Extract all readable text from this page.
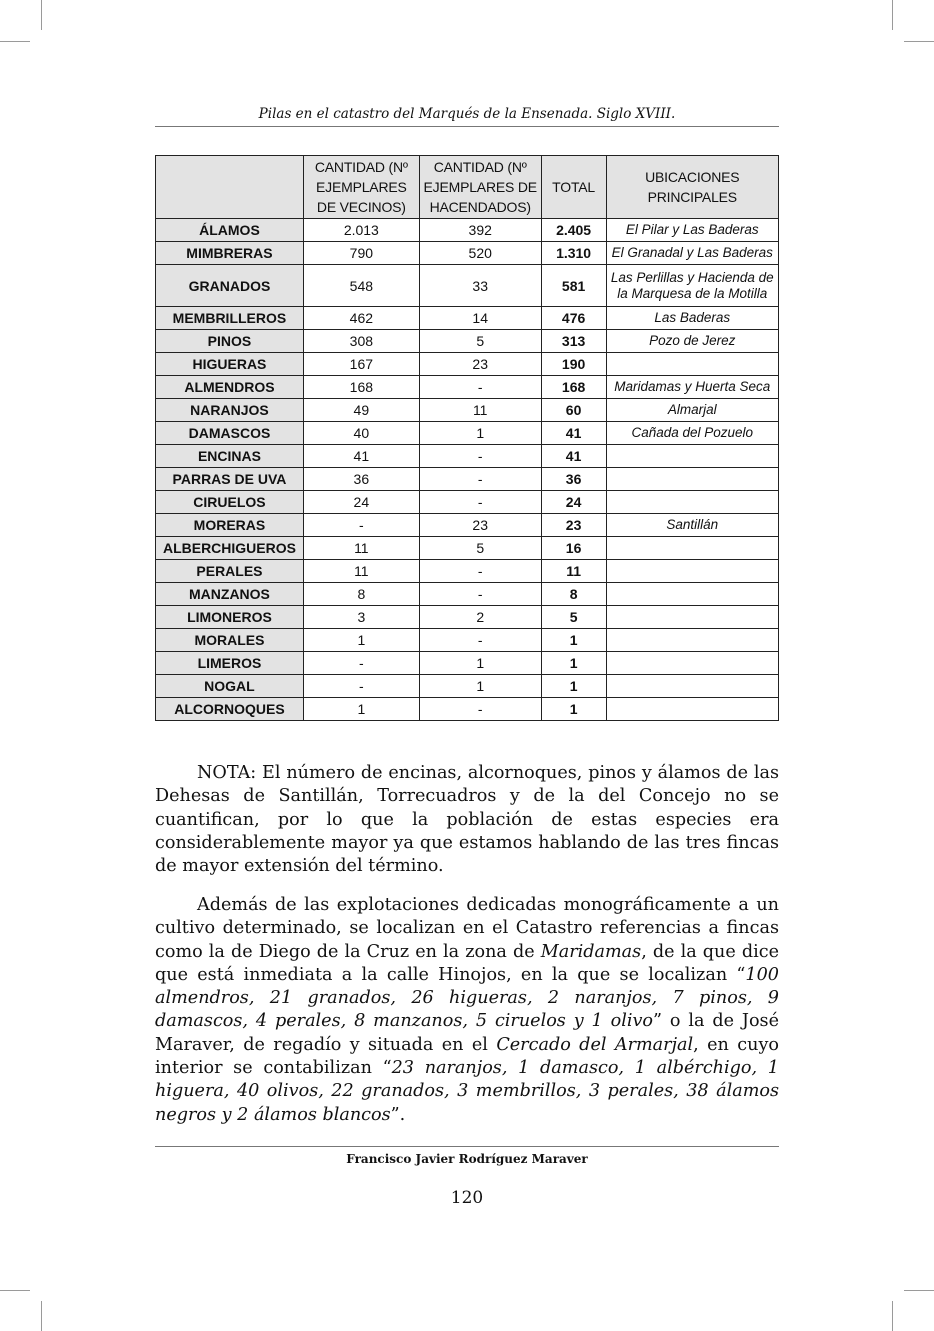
Pilas en el catastro del Marqués de la Ensenada. Siglo XVIII.
	CANTIDAD (Nº EJEMPLARES DE VECINOS)	CANTIDAD (Nº EJEMPLARES DE HACENDADOS)	TOTAL	UBICACIONES PRINCIPALES
ÁLAMOS	2.013	392	2.405	El Pilar y Las Baderas
MIMBRERAS	790	520	1.310	El Granadal y Las Baderas
GRANADOS	548	33	581	Las Perlillas y Hacienda de la Marquesa de la Motilla
MEMBRILLEROS	462	14	476	Las Baderas
PINOS	308	5	313	Pozo de Jerez
HIGUERAS	167	23	190	
ALMENDROS	168	-	168	Maridamas y Huerta Seca
NARANJOS	49	11	60	Almarjal
DAMASCOS	40	1	41	Cañada del Pozuelo
ENCINAS	41	-	41	
PARRAS DE UVA	36	-	36	
CIRUELOS	24	-	24	
MORERAS	-	23	23	Santillán
ALBERCHIGUEROS	11	5	16	
PERALES	11	-	11	
MANZANOS	8	-	8	
LIMONEROS	3	2	5	
MORALES	1	-	1	
LIMEROS	-	1	1	
NOGAL	-	1	1	
ALCORNOQUES	1	-	1	

NOTA: El número de encinas, alcornoques, pinos y álamos de las Dehesas de Santillán, Torrecuadros y de la del Concejo no se cuantifican, por lo que la población de estas especies era considerablemente mayor ya que estamos hablando de las tres fincas de mayor extensión del término.

Además de las explotaciones dedicadas monográficamente a un cultivo determinado, se localizan en el Catastro referencias a fincas como la de Diego de la Cruz en la zona de Maridamas, de la que dice que está inmediata a la calle Hinojos, en la que se localizan “100 almendros, 21 granados, 26 higueras, 2 naranjos, 7 pinos, 9 damascos, 4 perales, 8 manzanos, 5 ciruelos y 1 olivo” o la de José Maraver, de regadío y situada en el Cercado del Armarjal, en cuyo interior se contabilizan “23 naranjos, 1 damasco, 1 albérchigo, 1 higuera, 40 olivos, 22 granados, 3 membrillos, 3 perales, 38 álamos negros y 2 álamos blancos”.

Francisco Javier Rodríguez Maraver
120
